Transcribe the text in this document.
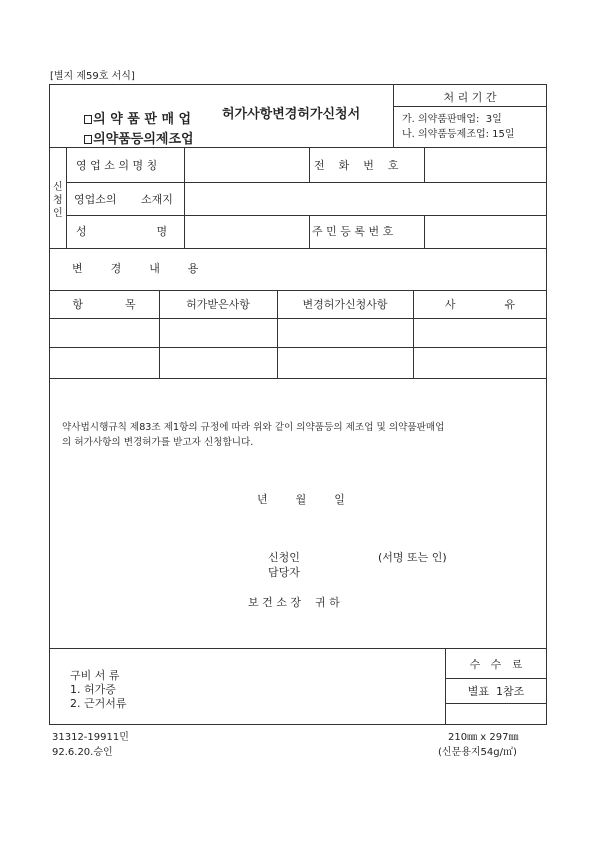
[별지 제59호 서식]

의 약 품 판 매 업

의약품등의제조업

허가사항변경허가신청서
처 리 기 간
가. 의약품판매업:  3일
나. 의약품등제조업: 15일
신
청
인
영 업 소 의 명 칭	전    화    번    호
영업소의       소재지
성                    명	주 민 등 록 번 호
변        경        내        용
항            목	허가받은사항	변경허가신청사항	사              유
약사법시행규칙 제83조 제1항의 규정에 따라 위와 같이 의약품등의 제조업 및 의약품판매업
의 허가사항의 변경허가를 받고자 신청합니다.
년        월        일
신청인	(서명 또는 인)
담당자
보 건 소 장    귀 하
구비 서 류
1. 허가증
2. 근거서류
수   수   료
별표  1참조
31312-19911민
92.6.20.승인
210㎜ x 297㎜
(신문용지54g/㎡)
